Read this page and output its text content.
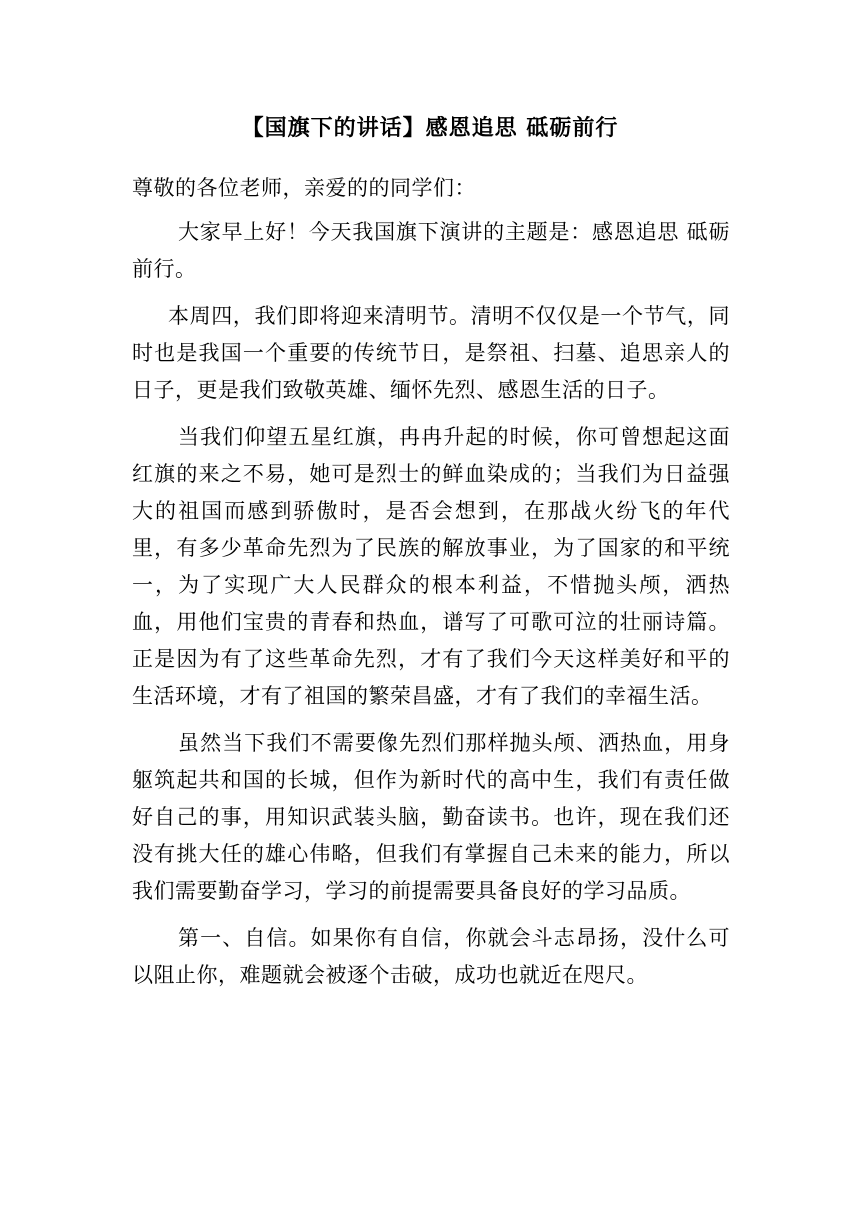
【国旗下的讲话】感恩追思 砥砺前行

尊敬的各位老师，亲爱的的同学们：

大家早上好！今天我国旗下演讲的主题是：感恩追思 砥砺前行。

本周四，我们即将迎来清明节。清明不仅仅是一个节气，同时也是我国一个重要的传统节日，是祭祖、扫墓、追思亲人的日子，更是我们致敬英雄、缅怀先烈、感恩生活的日子。

当我们仰望五星红旗，冉冉升起的时候，你可曾想起这面红旗的来之不易，她可是烈士的鲜血染成的；当我们为日益强大的祖国而感到骄傲时，是否会想到，在那战火纷飞的年代里，有多少革命先烈为了民族的解放事业，为了国家的和平统一，为了实现广大人民群众的根本利益，不惜抛头颅，洒热血，用他们宝贵的青春和热血，谱写了可歌可泣的壮丽诗篇。正是因为有了这些革命先烈，才有了我们今天这样美好和平的生活环境，才有了祖国的繁荣昌盛，才有了我们的幸福生活。

虽然当下我们不需要像先烈们那样抛头颅、洒热血，用身躯筑起共和国的长城，但作为新时代的高中生，我们有责任做好自己的事，用知识武装头脑，勤奋读书。也许，现在我们还没有挑大任的雄心伟略，但我们有掌握自己未来的能力，所以我们需要勤奋学习，学习的前提需要具备良好的学习品质。

第一、自信。如果你有自信，你就会斗志昂扬，没什么可以阻止你，难题就会被逐个击破，成功也就近在咫尺。
